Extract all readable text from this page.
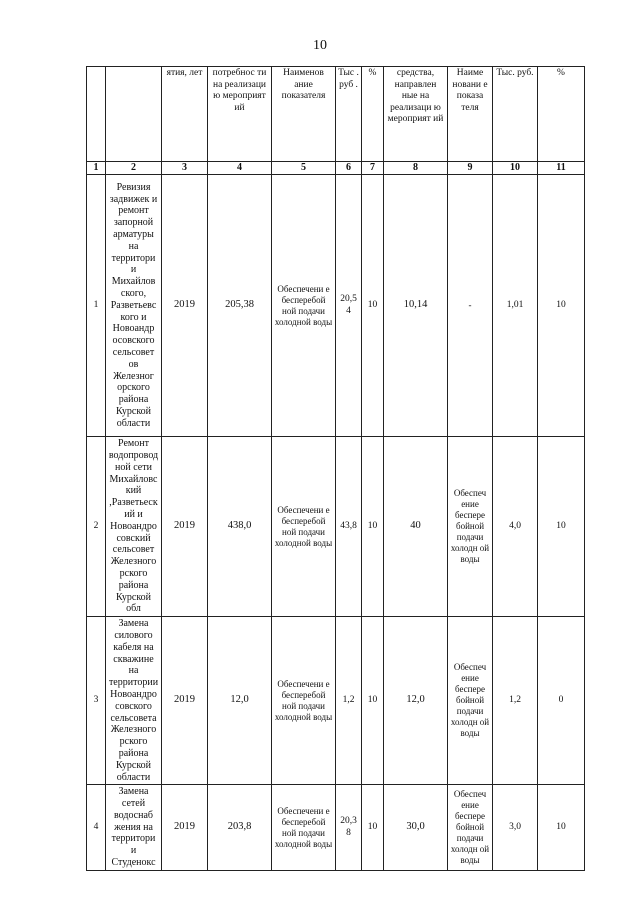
10
		ятия, лет	потребнос ти на реализаци ю мероприят ий	Наименов ание показателя	Тыс . руб .	%	средства, направлен ные на реализаци ю мероприят ий	Наиме новани е показа теля	Тыс. руб.	%
1	2	3	4	5	6	7	8	9	10	11
1	Ревизия задвижек и ремонт запорной арматуры на территори и Михайлов ского, Разветьевс кого и Новоандр осовского сельсовет ов Железног орского района Курской области	2019	205,38	Обеспечени е бесперебой ной подачи холодной воды	20,5 4	10	10,14	-	1,01	10
2	Ремонт водопровод ной сети Михайловс кий ,Разветьеск ий и Новоандро совский сельсовет Железного рского района Курской обл	2019	438,0	Обеспечени е бесперебой ной подачи холодной воды	43,8	10	40	Обеспеч ение беспере бойной подачи холодн ой воды	4,0	10
3	Замена силового кабеля на скважине на территории Новоандро совского сельсовета Железного рского района Курской области	2019	12,0	Обеспечени е бесперебой ной подачи холодной воды	1,2	10	12,0	Обеспеч ение беспере бойной подачи холодн ой воды	1,2	0
4	Замена сетей водоснаб жения на территори и Студенокс	2019	203,8	Обеспечени е бесперебой ной подачи холодной воды	20,3 8	10	30,0	Обеспеч ение беспере бойной подачи холодн ой воды	3,0	10
